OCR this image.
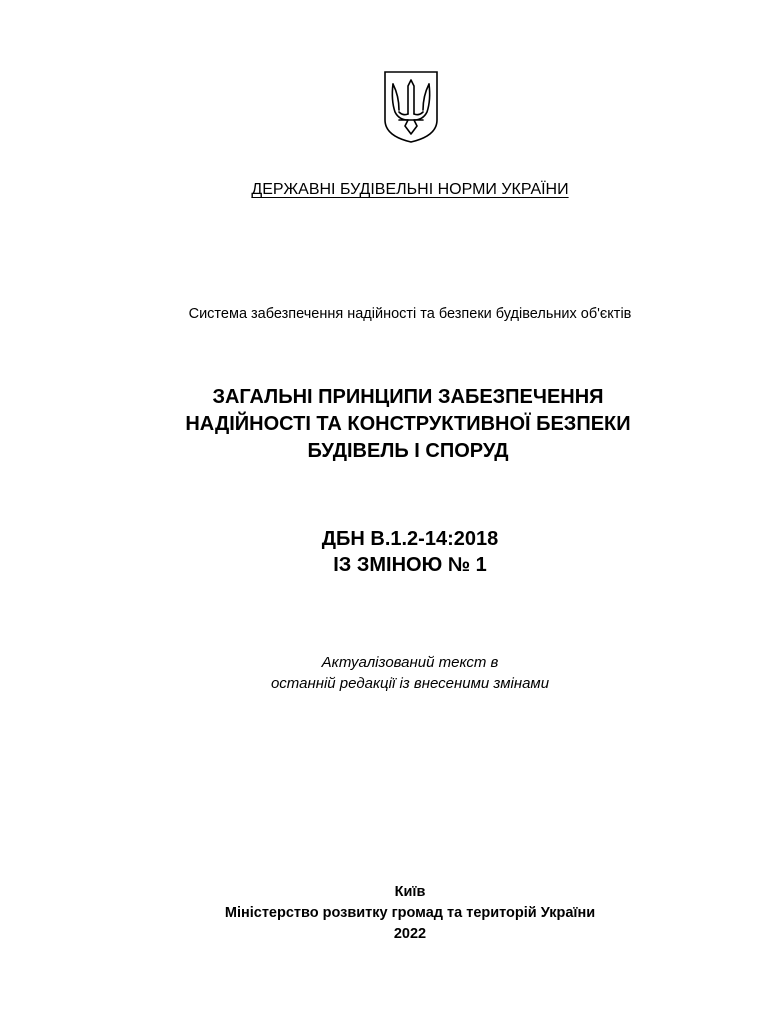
ДЕРЖАВНІ БУДІВЕЛЬНІ НОРМИ УКРАЇНИ
Система забезпечення надійності та безпеки будівельних об'єктів
ЗАГАЛЬНІ ПРИНЦИПИ ЗАБЕЗПЕЧЕННЯ
НАДІЙНОСТІ ТА КОНСТРУКТИВНОЇ БЕЗПЕКИ
БУДІВЕЛЬ І СПОРУД
ДБН В.1.2-14:2018
ІЗ ЗМІНОЮ № 1
Актуалізований текст в
останній редакції із внесеними змінами
Київ
Міністерство розвитку громад та територій України
2022
